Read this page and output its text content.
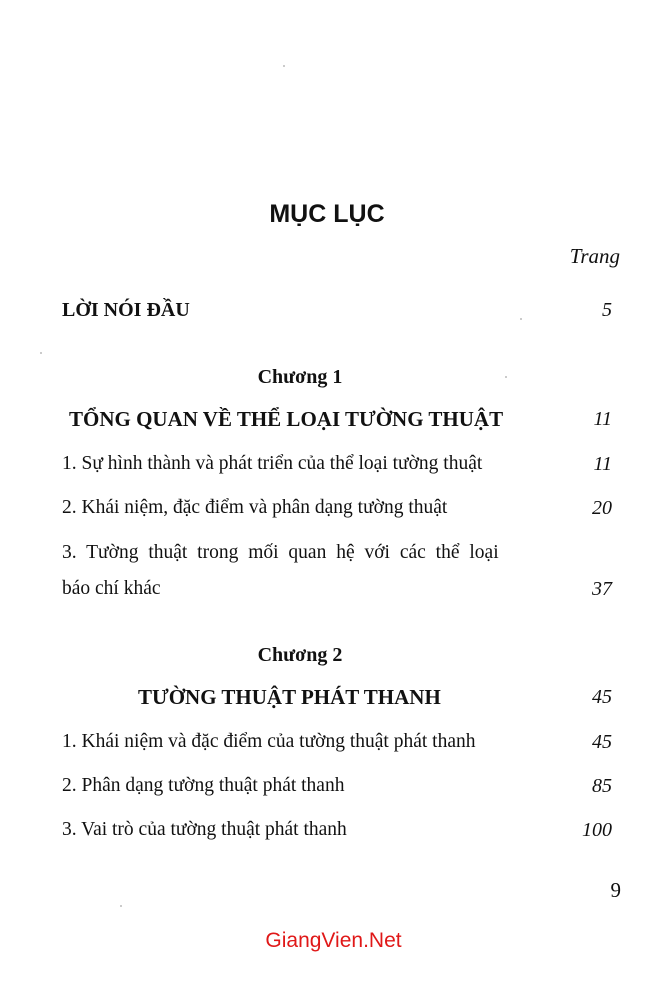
MỤC LỤC
Trang
LỜI NÓI ĐẦU	5
Chương 1
TỔNG QUAN VỀ THỂ LOẠI TƯỜNG THUẬT	11
1. Sự hình thành và phát triển của thể loại tường thuật	11
2. Khái niệm, đặc điểm và phân dạng tường thuật	20
3. Tường thuật trong mối quan hệ với các thể loại
báo chí khác	37
Chương 2
TƯỜNG THUẬT PHÁT THANH	45
1. Khái niệm và đặc điểm của tường thuật phát thanh	45
2. Phân dạng tường thuật phát thanh	85
3. Vai trò của tường thuật phát thanh	100
9
GiangVien.Net
